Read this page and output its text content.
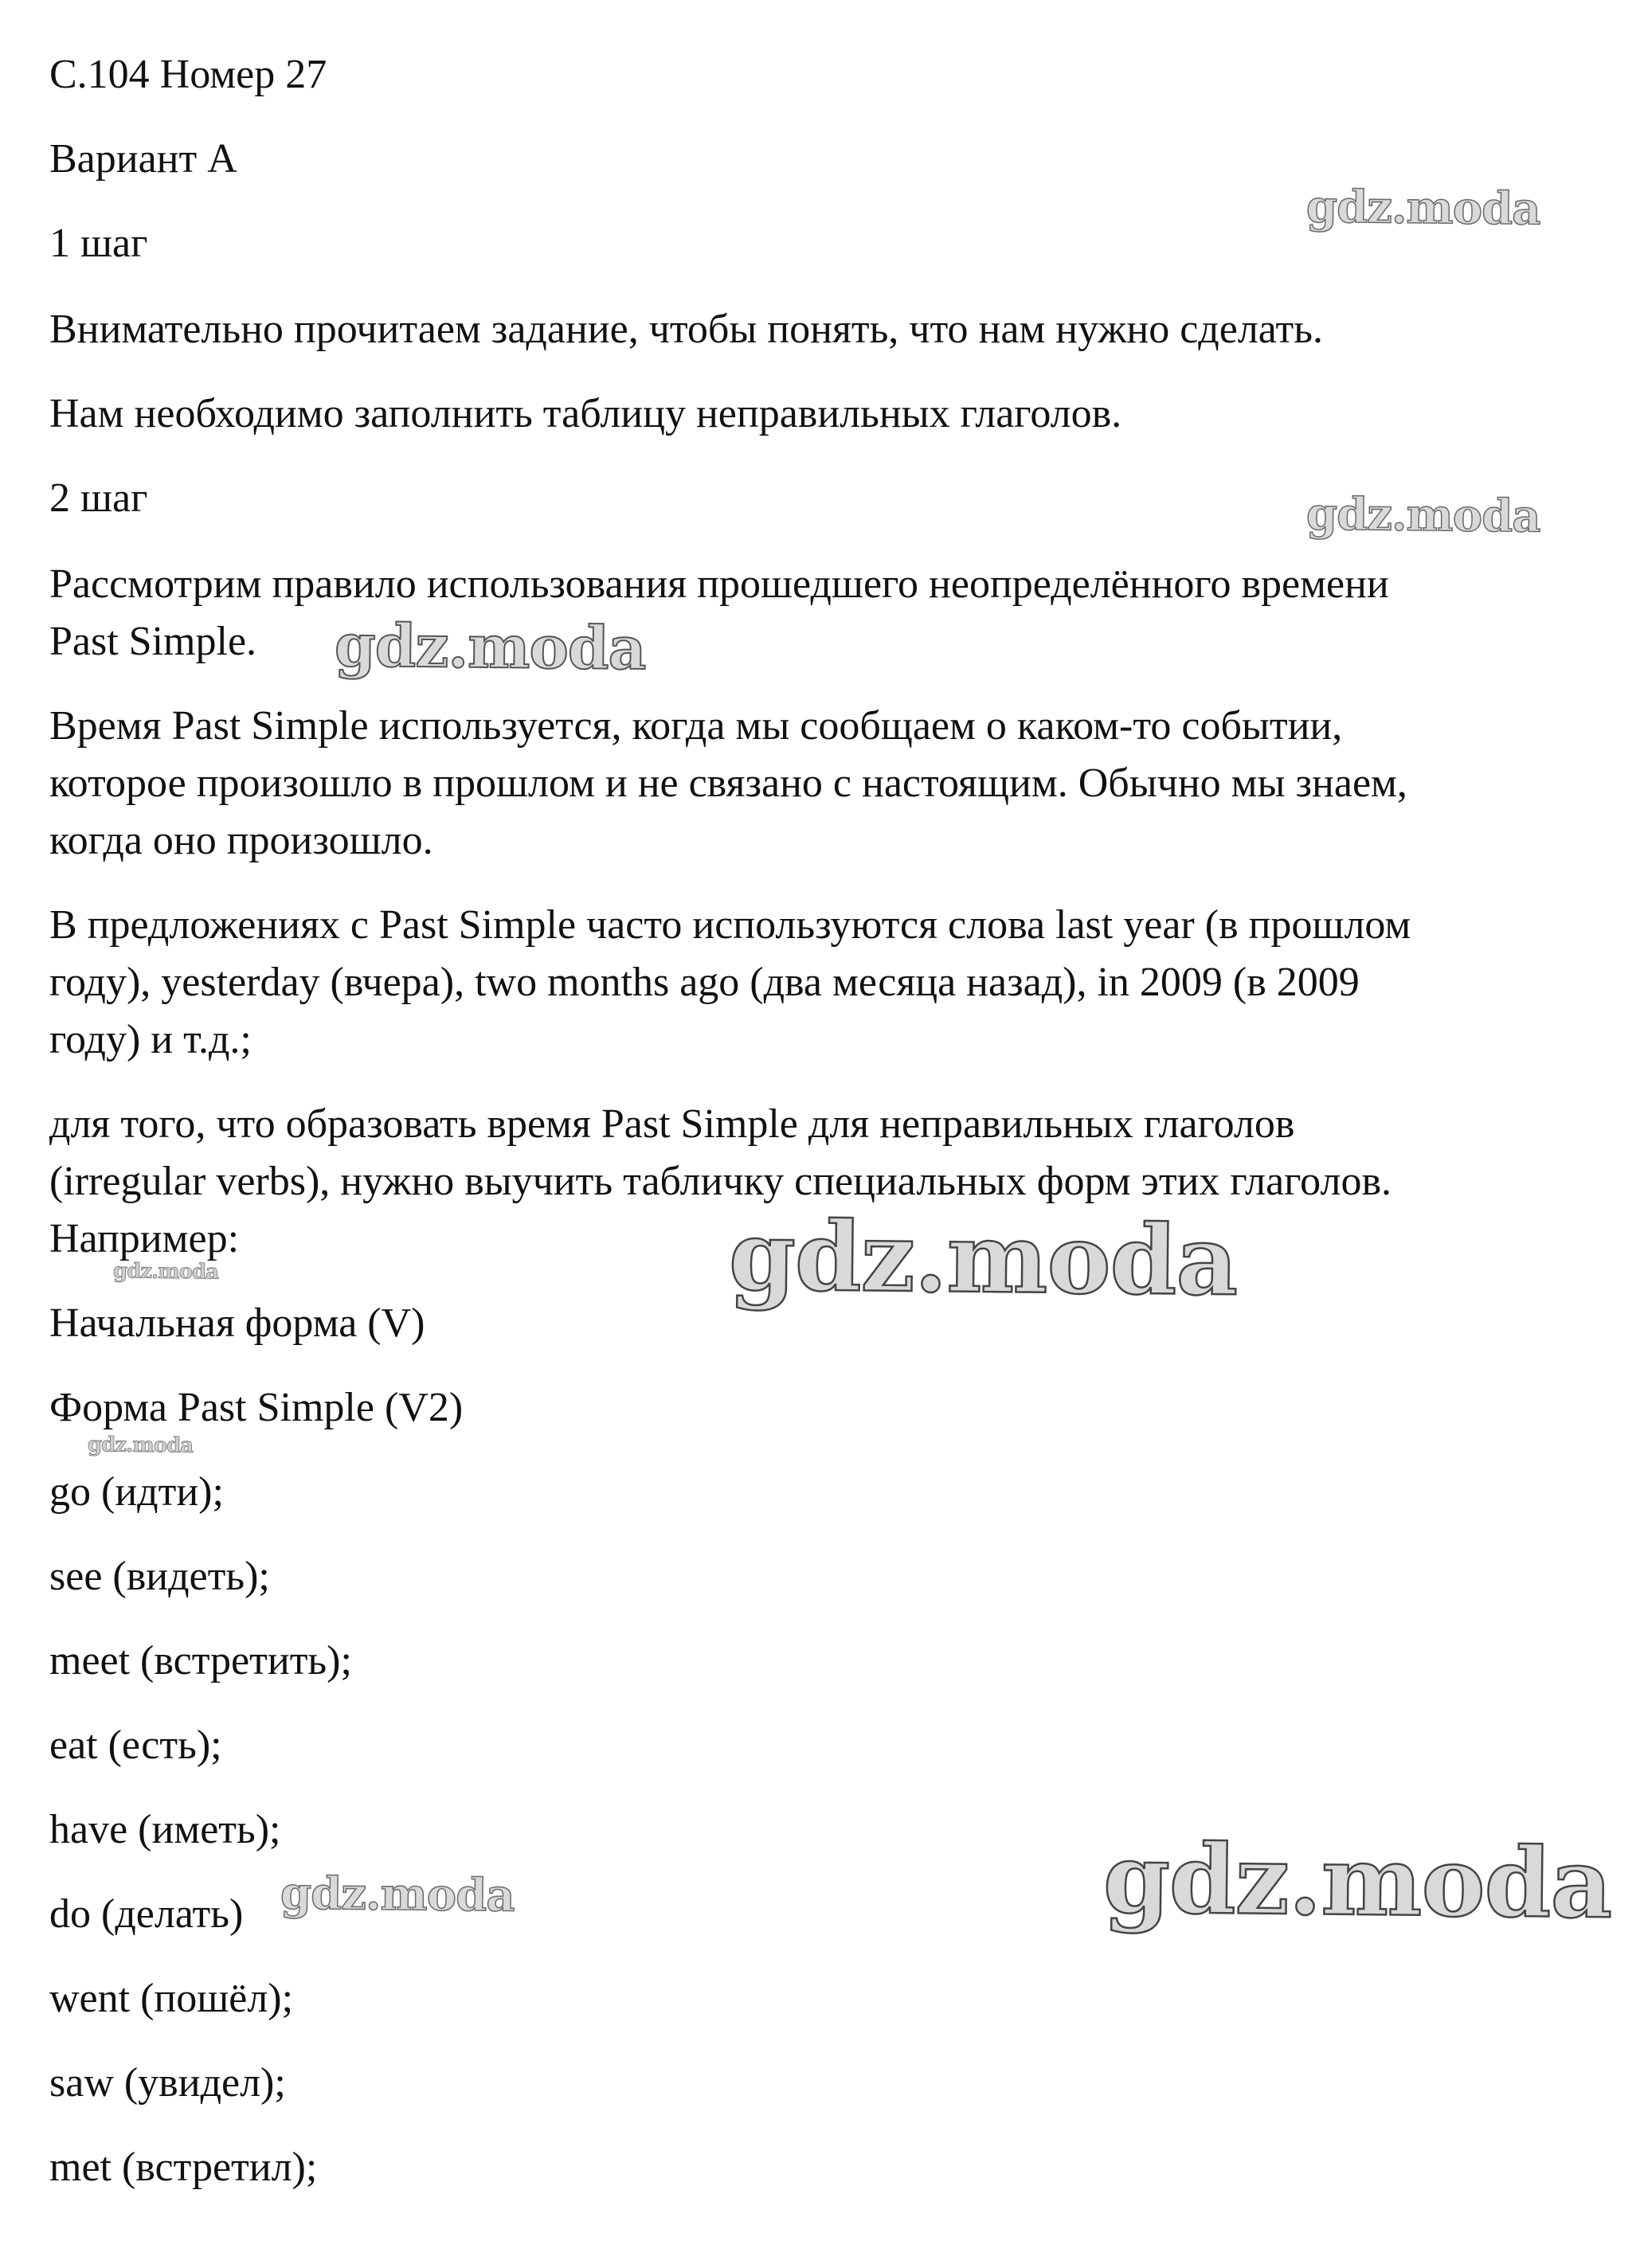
С.104 Номер 27
Вариант А
1 шаг
Внимательно прочитаем задание, чтобы понять, что нам нужно сделать.
Нам необходимо заполнить таблицу неправильных глаголов.
2 шаг
Рассмотрим правило использования прошедшего неопределённого времени
Past Simple.
Время Past Simple используется, когда мы сообщаем о каком-то событии,
которое произошло в прошлом и не связано с настоящим. Обычно мы знаем,
когда оно произошло.
В предложениях с Past Simple часто используются слова last year (в прошлом
году), yesterday (вчера), two months ago (два месяца назад), in 2009 (в 2009
году) и т.д.;
для того, что образовать время Past Simple для неправильных глаголов
(irregular verbs), нужно выучить табличку специальных форм этих глаголов.
Например:
Начальная форма (V)
Форма Past Simple (V2)
go (идти);
see (видеть);
meet (встретить);
eat (есть);
have (иметь);
do (делать)
went (пошёл);
saw (увидел);
met (встретил);
gdz.moda
gdz.moda
gdz.moda
gdz.moda
gdz.moda
gdz.moda
gdz.moda
gdz.moda
